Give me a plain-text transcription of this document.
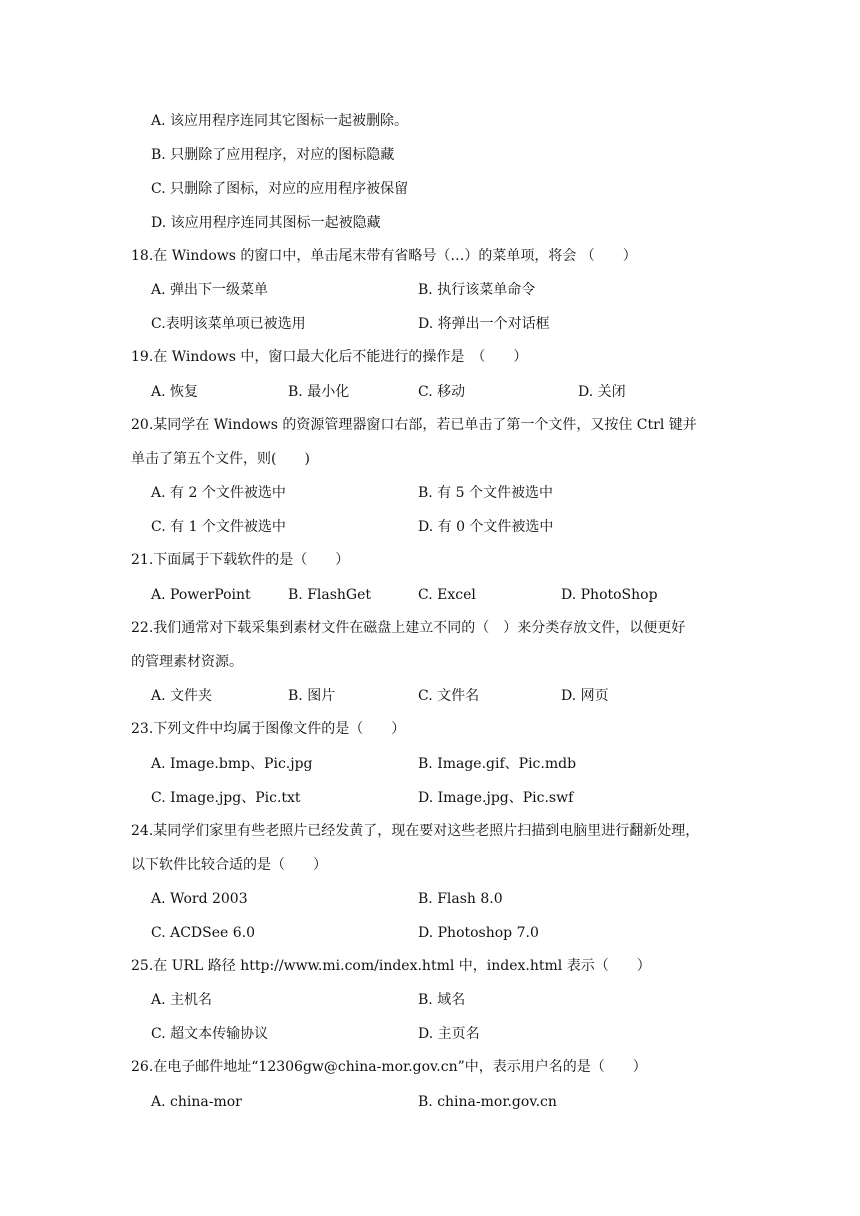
A. 该应用程序连同其它图标一起被删除。
B. 只删除了应用程序，对应的图标隐藏
C. 只删除了图标，对应的应用程序被保留
D. 该应用程序连同其图标一起被隐藏
18.在 Windows 的窗口中，单击尾末带有省略号（…）的菜单项，将会 （　　）
A. 弹出下一级菜单	B. 执行该菜单命令
C.表明该菜单项已被选用	D. 将弹出一个对话框
19.在 Windows 中，窗口最大化后不能进行的操作是　（　　）
A. 恢复	B. 最小化	C. 移动	D. 关闭
20.某同学在 Windows 的资源管理器窗口右部，若已单击了第一个文件，又按住 Ctrl 键并
单击了第五个文件，则(　　)
A. 有 2 个文件被选中	B. 有 5 个文件被选中
C. 有 1 个文件被选中	D. 有 0 个文件被选中
21.下面属于下载软件的是（　　）
A. PowerPoint	B. FlashGet	C. Excel	D. PhotoShop
22.我们通常对下载采集到素材文件在磁盘上建立不同的（　）来分类存放文件，以便更好
的管理素材资源。
A. 文件夹	B. 图片	C. 文件名	D. 网页
23.下列文件中均属于图像文件的是（　　）
A. Image.bmp、Pic.jpg	B. Image.gif、Pic.mdb
C. Image.jpg、Pic.txt	D. Image.jpg、Pic.swf
24.某同学们家里有些老照片已经发黄了，现在要对这些老照片扫描到电脑里进行翻新处理，
以下软件比较合适的是（　　）
A. Word 2003	B. Flash 8.0
C. ACDSee 6.0	D. Photoshop 7.0
25.在 URL 路径 http://www.mi.com/index.html 中，index.html 表示（　　）
A. 主机名	B. 域名
C. 超文本传输协议	D. 主页名
26.在电子邮件地址“12306gw@china-mor.gov.cn”中，表示用户名的是（　　）
A. china-mor	B. china-mor.gov.cn
